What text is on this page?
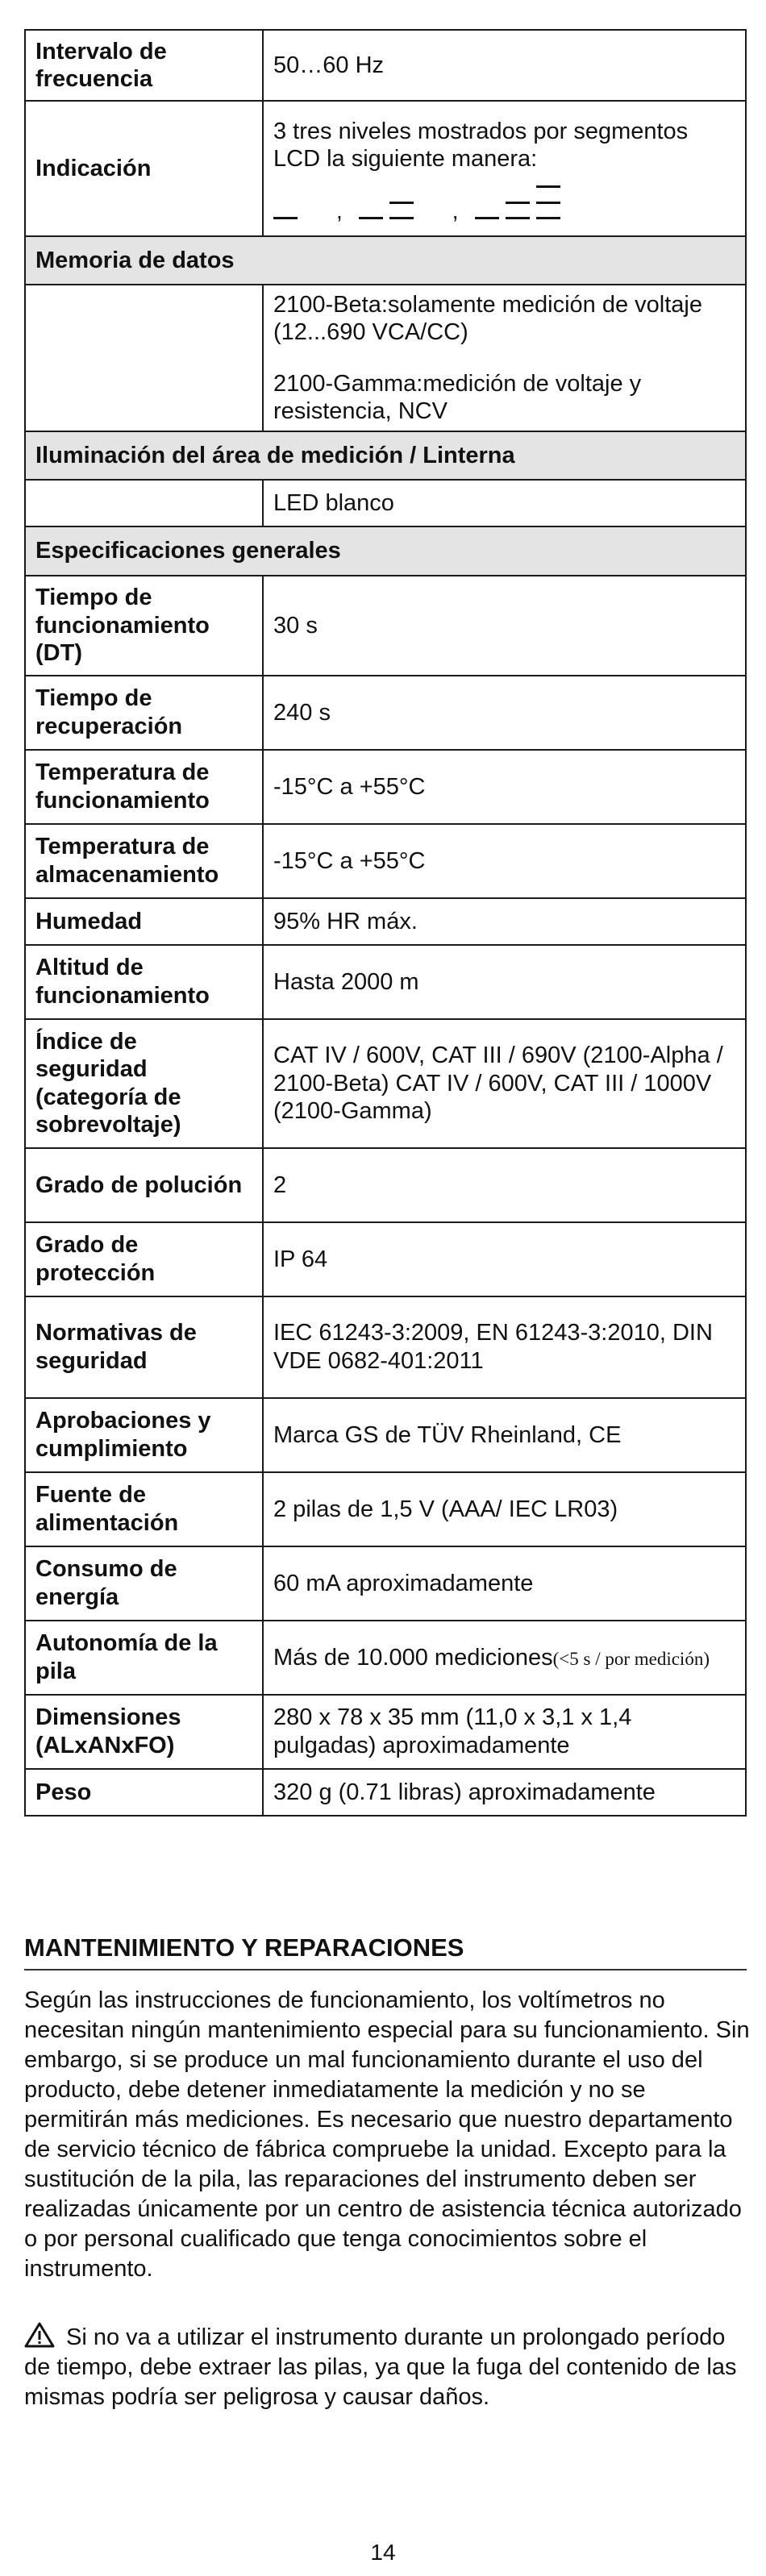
Intervalo de frecuencia	50…60 Hz
Indicación	3 tres niveles mostrados por segmentos LCD la siguiente manera:
, ,

Memoria de datos	

	2100-Beta:solamente medición de voltaje (12...690 VCA/CC)
2100-Gamma:medición de voltaje y resistencia, NCV

Iluminación del área de medición / Linterna	
	LED blanco
Especificaciones generales	
Tiempo de funcionamiento (DT)	30 s
Tiempo de recuperación	240 s
Temperatura de funcionamiento	-15°C a +55°C
Temperatura de almacenamiento	-15°C a +55°C
Humedad	95% HR máx.
Altitud de funcionamiento	Hasta 2000 m
Índice de seguridad (categoría de sobrevoltaje)	CAT IV / 600V, CAT III / 690V (2100-Alpha / 2100-Beta) CAT IV / 600V, CAT III / 1000V (2100-Gamma)
Grado de polución	2
Grado de protección	IP 64
Normativas de seguridad	IEC 61243-3:2009, EN 61243-3:2010, DIN VDE 0682-401:2011
Aprobaciones y cumplimiento	Marca GS de TÜV Rheinland, CE
Fuente de alimentación	2 pilas de 1,5 V (AAA/ IEC LR03)
Consumo de energía	60 mA aproximadamente
Autonomía de la pila	Más de 10.000 mediciones(<5 s / por medición)
Dimensiones (ALxANxFO)	280 x 78 x 35 mm (11,0 x 3,1 x 1,4 pulgadas) aproximadamente
Peso	320 g (0.71 libras) aproximadamente
MANTENIMIENTO Y REPARACIONES

Según las instrucciones de funcionamiento, los voltímetros no necesitan ningún mantenimiento especial para su funcionamiento. Sin embargo, si se produce un mal funcionamiento durante el uso del producto, debe detener inmediatamente la medición y no se permitirán más mediciones. Es necesario que nuestro departamento de servicio técnico de fábrica compruebe la unidad. Excepto para la sustitución de la pila, las reparaciones del instrumento deben ser realizadas únicamente por un centro de asistencia técnica autorizado o por personal cualificado que tenga conocimientos sobre el instrumento.

Si no va a utilizar el instrumento durante un prolongado período de tiempo, debe extraer las pilas, ya que la fuga del contenido de las mismas podría ser peligrosa y causar daños.

14
